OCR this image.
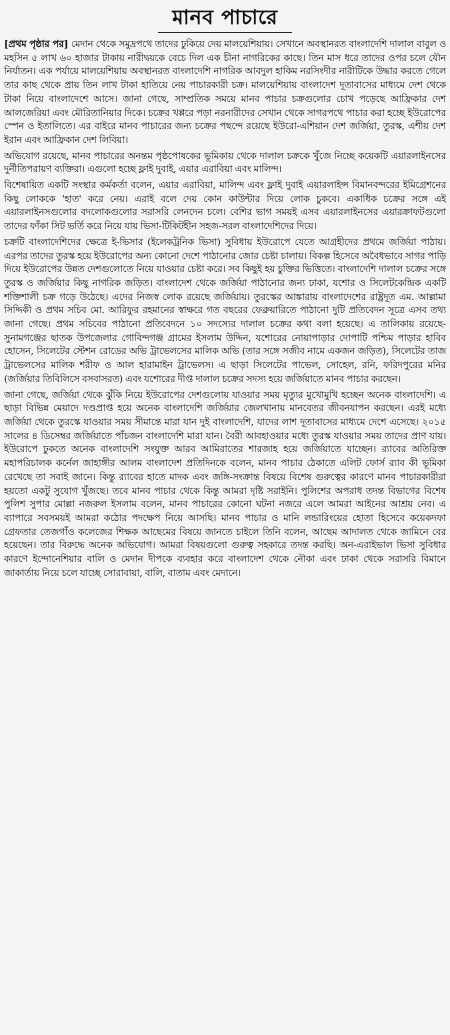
মানব পাচারে

[প্রথম পৃষ্ঠার পর] মেদান থেকে সমুদ্রপথে তাদের ঢুকিয়ে দেয় মালয়েশিয়ায়। সেখানে অবস্থানরত বাংলাদেশি দালাল বাবুল ও মহসিন ৫ লাখ ৬০ হাজার টাকায় নারীদ্বয়কে বেচে দিল এক চীনা নাগরিকের কাছে। তিন মাস ধরে তাদের ওপর চলে যৌন নির্যাতন। এক পর্যায়ে মালয়েশিয়ায় অবস্থানরত বাংলাদেশি নাগরিক আবদুল হাকিম নরসিংদীর নারীটিকে উদ্ধার করতে গেলে তার কাছ থেকে প্রায় তিন লাখ টাকা হাতিয়ে নেয় পাচারকারী চক্র। মালয়েশিয়ায় বাংলাদেশ দূতাবাসের মাধ্যমে দেশ থেকে টাকা নিয়ে বাংলাদেশে আসে। জানা গেছে, সাম্প্রতিক সময়ে মানব পাচার চক্রগুলোর চোখ পড়েছে আফ্রিকার দেশ আলজেরিয়া এবং মৌরিতানিয়ার দিকে। চক্রের খপ্পরে পড়া নরনারীদের সেখান থেকে সাগরপথে পাচার করা হচ্ছে ইউরোপের স্পেন ও ইতালিতে। এর বাইরে মানব পাচারের জন্য চক্রের পছন্দে রয়েছে ইউরো-এশিয়ান দেশ জর্জিয়া, তুরস্ক, এশীয় দেশ ইরান এবং আফ্রিকান দেশ লিবিয়া।

অভিযোগ রয়েছে, মানব পাচারের অনন্তম পৃষ্ঠপোষকের ভূমিকায় থেকে দালাল চক্রকে খুঁজে নিচ্ছে কয়েকটি এয়ারলাইনসের দুর্নীতিপরায়ণ ব্যক্তিরা। এগুলো হচ্ছে ফ্লাই দুবাই, এয়ার এরাবিয়া এবং মালিন্দ।

বিশেষায়িত একটি সংস্থার কর্মকর্তা বলেন, এয়ার এরাবিয়া, মালিন্দ এবং ফ্লাই দুবাই এয়ারলাইন্স বিমানবন্দরের ইমিগ্রেশনের কিছু লোককে 'হাত' করে নেয়। এরাই বলে দেয় কোন কাউন্টার দিয়ে লোক চুকবে। একাধিক চক্রের সঙ্গে এই এয়ারলাইনসগুলোর বদলোকগুলোর সরাসরি লেনদেন চলে। বেশির ভাগ সময়ই এসব এয়ারলাইনসের এয়ারক্রাফটগুলো তাদের ফাঁকা সিট ভর্তি করে নিয়ে যায় ভিসা-টিকিটহীন সহজ-সরল বাংলাদেশিদের দিয়ে।

চক্রটি বাংলাদেশিদের ক্ষেত্রে ই-ভিসার (ইলেকট্রনিক ভিসা) সুবিধায় ইউরোপে যেতে আগ্রহীদের প্রথমে জর্জিয়া পাঠায়। এরপর তাদের তুরস্ক হয়ে ইউরোপের অন্য কোনো দেশে পাঠানোর জোর চেষ্টা চালায়। বিকল্প হিসেবে অবৈধভাবে সাগর পাড়ি দিয়ে ইউরোপের উন্নত দেশগুলোতে নিয়ে যাওয়ার চেষ্টা করে। সব কিছুই হয় চুক্তির ভিত্তিতে। বাংলাদেশি দালাল চক্রের সঙ্গে তুরস্ক ও জর্জিয়ার কিছু নাগরিক জড়িত। বাংলাদেশ থেকে জর্জিয়া পাঠানোর জন্য ঢাকা, যশোর ও সিলেটকেন্দ্রিক একটি শক্তিশালী চক্র গড়ে উঠেছে। এদের নিজস্ব লোক রয়েছে জর্জিয়ায়। তুরস্কের আঙ্কারায় বাংলাদেশের রাষ্ট্রদূত এম. আল্লামা সিদ্দিকী ও প্রথম সচিব মো. আরিফুর রহমানের স্বাক্ষরে গত বছরের ফেব্রুয়ারিতে পাঠানো দুটি প্রতিবেদন সূত্রে এসব তথ্য জানা গেছে। প্রথম সচিবের পাঠানো প্রতিবেদনে ১০ সদস্যের দালাল চক্রের কথা বলা হয়েছে। এ তালিকায় রয়েছে- সুনামগঞ্জের ছাতক উপজেলার গোবিন্দগঞ্জ গ্রামের ইসলাম উদ্দিন, যশোরের নোয়াপাড়ার দোপাটি পশ্চিম পাড়ার হাবিব হোসেন, সিলেটের স্টেশন রোডের অভি ট্রাভেলসের মালিক অভি (তার সঙ্গে সজীব নামে একজন জড়িত), সিলেটের তাজ ট্রাভেলসের মালিক শরীফ ও আল হারামাইন ট্রাভেলস। এ ছাড়া সিলেটের পাভেল, সোহেল, রনি, ফরিদপুরের মনির (জর্জিয়ার তিবিলিসে বসবাসরত) এবং যশোরের দীপ্ত দালাল চক্রের সদস্য হয়ে জর্জিয়াতে মানব পাচার করছেন।

জানা গেছে, জর্জিয়া থেকে ঝুঁকি নিয়ে ইউরোপের দেশগুলোয় যাওয়ার সময় মৃত্যুর মুখোমুখি হচ্ছেন অনেক বাংলাদেশি। এ ছাড়া বিভিন্ন মেয়াদে দণ্ডপ্রাপ্ত হয়ে অনেক বাংলাদেশি জর্জিয়ার জেলখানায় মানবেতর জীবনযাপন করছেন। এরই মধ্যে জর্জিয়া থেকে তুরস্কে যাওয়ার সময় সীমান্তে মারা যান দুই বাংলাদেশি, যাদের লাশ দূতাবাসের মাধ্যমে দেশে এসেছে। ২০১৫ সালের ৪ ডিসেম্বর জর্জিয়াতে পাঁচজন বাংলাদেশি মারা যান। বৈরী আবহাওয়ার মধ্যে তুরস্ক যাওয়ার সময় তাদের প্রাণ যায়। ইউরোপে ঢুকতে অনেক বাংলাদেশি সংযুক্ত আরব আমিরাতের শারজাহ হয়ে জর্জিয়াতে যাচ্ছেন। র‌্যাবের অতিরিক্ত মহাপরিচালক কর্নেল জাহাঙ্গীর আলম বাংলাদেশ প্রতিদিনকে বলেন, মানব পাচার ঠেকাতে এলিট ফোর্স র‌্যাব কী ভূমিকা রেখেছে তা সবাই জানে। কিন্তু র‌্যাবের হাতে মাদক এবং জঙ্গি-সংক্রান্ত বিষয়ে বিশেষ গুরুত্বের কারণে মানব পাচারকারীরা হয়তো একটু সুযোগ খুঁজছে। তবে মানব পাচার থেকে কিন্তু আমরা দৃষ্টি সরাইনি। পুলিশের অপরাধ তদন্ত বিভাগের বিশেষ পুলিশ সুপার মোল্লা নজরুল ইসলাম বলেন, মানব পাচারের কোনো ঘটনা নজরে এলে আমরা আইনের আশ্রয় নেব। এ ব্যাপারে সবসময়ই আমরা কঠোর পদক্ষেপ নিয়ে আসছি। মানব পাচার ও মানি লন্ডারিংয়ের হোতা হিসেবে কয়েকদফা গ্রেফতার তেজগাঁও কলেজের শিক্ষক আছেমের বিষয়ে জানতে চাইলে তিনি বলেন, আছেম আদালত থেকে জামিনে বের হয়েছেন। তার বিরুদ্ধে অনেক অভিযোগ। আমরা বিষয়গুলো গুরুত্ব সহকারে তদন্ত করছি। অন-এরাইভাল ভিসা সুবিধার কারণে ইন্দোনেশিয়ার বালি ও মেদান দীপকে ব্যবহার করে বাংলাদেশ থেকে নৌকা এবং ঢাকা থেকে সরাসরি বিমানে জাকার্তায় নিয়ে চলে যাচ্ছে সোরাবায়া, বালি, বাতাম এবং মেদানে।
